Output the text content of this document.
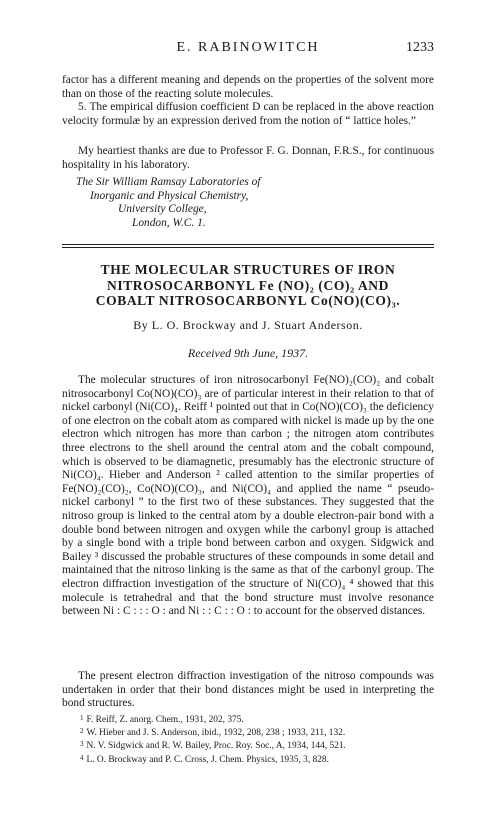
E. RABINOWITCH	1233

factor has a different meaning and depends on the properties of the solvent more than on those of the reacting solute molecules.

5. The empirical diffusion coefficient D can be replaced in the above reaction velocity formulæ by an expression derived from the notion of “ lattice holes.”

My heartiest thanks are due to Professor F. G. Donnan, F.R.S., for continuous hospitality in his laboratory.

The Sir William Ramsay Laboratories of
Inorganic and Physical Chemistry,
University College,
London, W.C. 1.
THE MOLECULAR STRUCTURES OF IRON
NITROSOCARBONYL Fe (NO)₂ (CO)₂ AND
COBALT NITROSOCARBONYL Co(NO)(CO)₃.
By L. O. Brockway and J. Stuart Anderson.
Received 9th June, 1937.

The molecular structures of iron nitrosocarbonyl Fe(NO)₂(CO)₂ and cobalt nitrosocarbonyl Co(NO)(CO)₃ are of particular interest in their relation to that of nickel carbonyl (Ni(CO)₄. Reiff ¹ pointed out that in Co(NO)(CO)₃ the deficiency of one electron on the cobalt atom as compared with nickel is made up by the one electron which nitrogen has more than carbon ; the nitrogen atom contributes three electrons to the shell around the central atom and the cobalt compound, which is observed to be diamagnetic, presumably has the electronic structure of Ni(CO)₄. Hieber and Anderson ² called attention to the similar properties of Fe(NO)₂(CO)₂, Co(NO)(CO)₃, and Ni(CO)₄ and applied the name “ pseudo-nickel carbonyl ” to the first two of these substances. They suggested that the nitroso group is linked to the central atom by a double electron-pair bond with a double bond between nitrogen and oxygen while the carbonyl group is attached by a single bond with a triple bond between carbon and oxygen. Sidgwick and Bailey ³ discussed the probable structures of these compounds in some detail and maintained that the nitroso linking is the same as that of the carbonyl group. The electron diffraction investigation of the structure of Ni(CO)₄ ⁴ showed that this molecule is tetrahedral and that the bond structure must involve resonance between Ni : C : : : O : and Ni : : C : : O : to account for the observed distances.

The present electron diffraction investigation of the nitroso compounds was undertaken in order that their bond distances might be used in interpreting the bond structures.

$^1$ F. Reiff, Z. anorg. Chem., 1931, 202, 375.
$^2$ W. Hieber and J. S. Anderson, ibid., 1932, 208, 238 ; 1933, 211, 132.
$^3$ N. V. Sidgwick and R. W. Bailey, Proc. Roy. Soc., A, 1934, 144, 521.
$^4$ L. O. Brockway and P. C. Cross, J. Chem. Physics, 1935, 3, 828.
